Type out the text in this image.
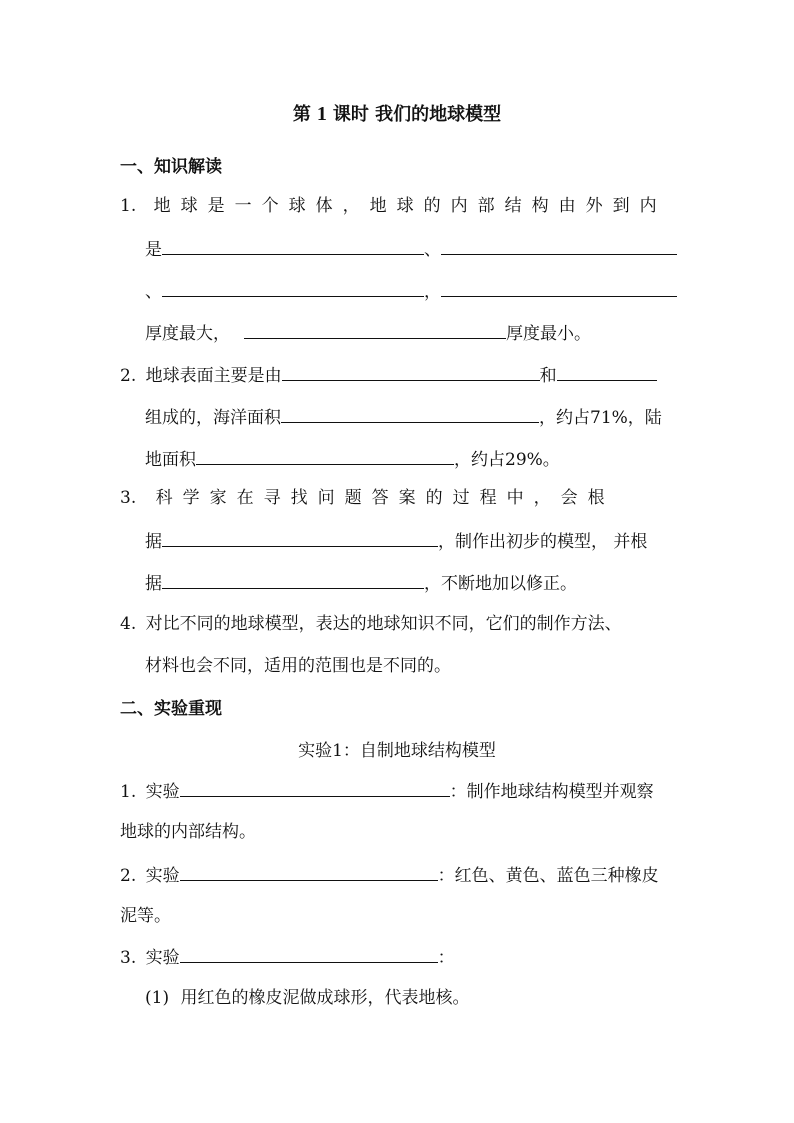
第 1 课时 我们的地球模型
一、知识解读
1. 地球是一个球体，地球的内部结构由外到内
是	、
、	，
厚度最大，	厚度最小。
2. 地球表面主要是由	和
组成的，海洋面积	，约占71%，陆
地面积	，约占29%。
3. 科学家在寻找问题答案的过程中，会根
据	，制作出初步的模型， 并根
据	，不断地加以修正。
4. 对比不同的地球模型，表达的地球知识不同，它们的制作方法、
材料也会不同，适用的范围也是不同的。
二、实验重现
实验1：自制地球结构模型
1. 实验	：制作地球结构模型并观察
地球的内部结构。
2. 实验	：红色、黄色、蓝色三种橡皮
泥等。
3. 实验	：
(1) 用红色的橡皮泥做成球形，代表地核。
